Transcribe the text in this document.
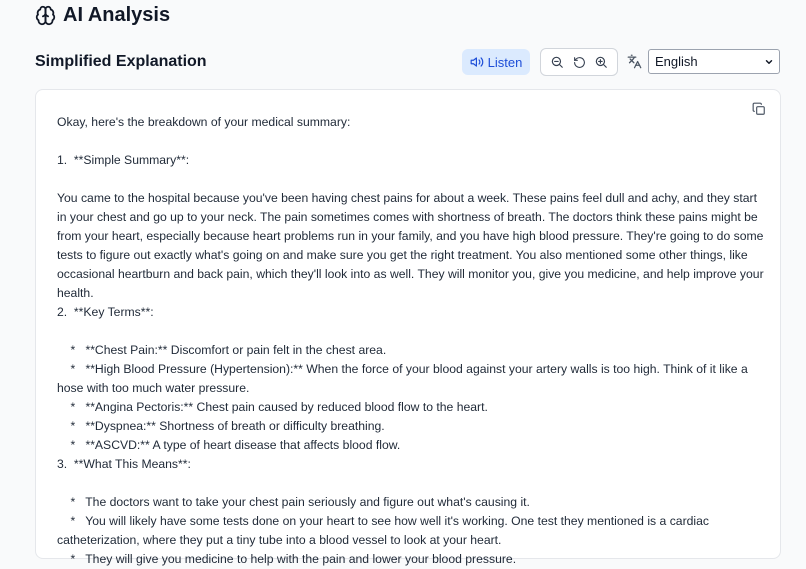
AI Analysis
Simplified Explanation	Listen	English

Okay, here's the breakdown of your medical summary:

1.  **Simple Summary**:

You came to the hospital because you've been having chest pains for about a week. These pains feel dull and achy, and they start in your chest and go up to your neck. The pain sometimes comes with shortness of breath. The doctors think these pains might be from your heart, especially because heart problems run in your family, and you have high blood pressure. They're going to do some tests to figure out exactly what's going on and make sure you get the right treatment. You also mentioned some other things, like occasional heartburn and back pain, which they'll look into as well. They will monitor you, give you medicine, and help improve your health.

2.  **Key Terms**:

*   **Chest Pain:** Discomfort or pain felt in the chest area.

*   **High Blood Pressure (Hypertension):** When the force of your blood against your artery walls is too high. Think of it like a hose with too much water pressure.

*   **Angina Pectoris:** Chest pain caused by reduced blood flow to the heart.

*   **Dyspnea:** Shortness of breath or difficulty breathing.

*   **ASCVD:** A type of heart disease that affects blood flow.

3.  **What This Means**:

*   The doctors want to take your chest pain seriously and figure out what's causing it.

*   You will likely have some tests done on your heart to see how well it's working. One test they mentioned is a cardiac catheterization, where they put a tiny tube into a blood vessel to look at your heart.

*   They will give you medicine to help with the pain and lower your blood pressure.
